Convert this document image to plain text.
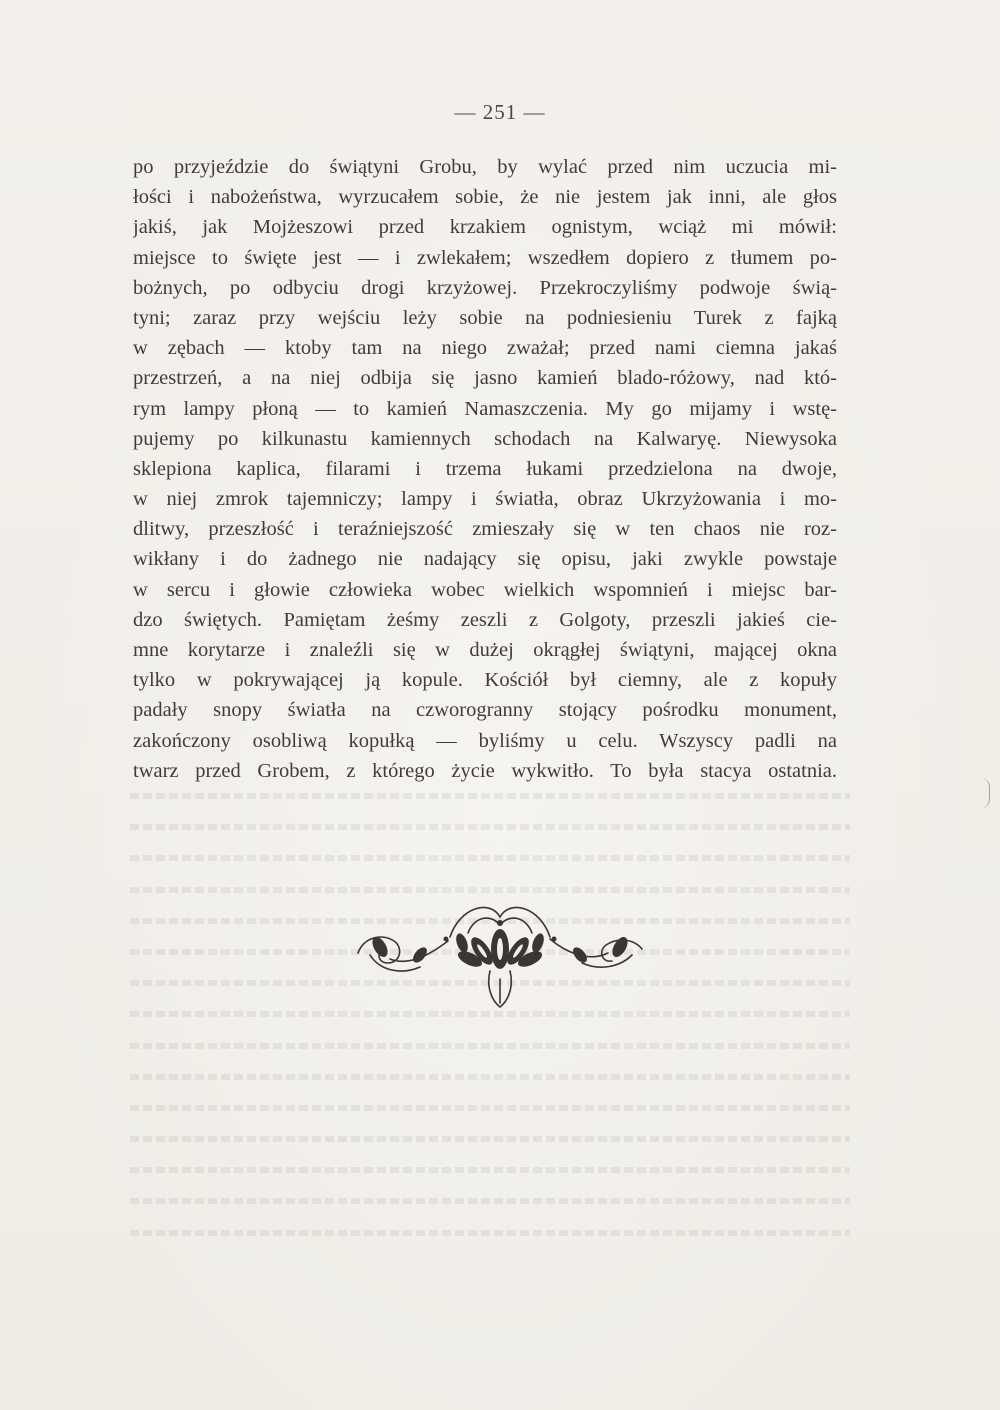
— 251 —
po przyjeździe do świątyni Grobu, by wylać przed nim uczucia mi-
łości i nabożeństwa, wyrzucałem sobie, że nie jestem jak inni, ale głos
jakiś, jak Mojżeszowi przed krzakiem ognistym, wciąż mi mówił:
miejsce to święte jest — i zwlekałem; wszedłem dopiero z tłumem po-
bożnych, po odbyciu drogi krzyżowej. Przekroczyliśmy podwoje świą-
tyni; zaraz przy wejściu leży sobie na podniesieniu Turek z fajką
w zębach — ktoby tam na niego zważał; przed nami ciemna jakaś
przestrzeń, a na niej odbija się jasno kamień blado-różowy, nad któ-
rym lampy płoną — to kamień Namaszczenia. My go mijamy i wstę-
pujemy po kilkunastu kamiennych schodach na Kalwaryę. Niewysoka
sklepiona kaplica, filarami i trzema łukami przedzielona na dwoje,
w niej zmrok tajemniczy; lampy i światła, obraz Ukrzyżowania i mo-
dlitwy, przeszłość i teraźniejszość zmieszały się w ten chaos nie roz-
wikłany i do żadnego nie nadający się opisu, jaki zwykle powstaje
w sercu i głowie człowieka wobec wielkich wspomnień i miejsc bar-
dzo świętych. Pamiętam żeśmy zeszli z Golgoty, przeszli jakieś cie-
mne korytarze i znaleźli się w dużej okrągłej świątyni, mającej okna
tylko w pokrywającej ją kopule. Kościół był ciemny, ale z kopuły
padały snopy światła na czworogranny stojący pośrodku monument,
zakończony osobliwą kopułką — byliśmy u celu. Wszyscy padli na
twarz przed Grobem, z którego życie wykwitło. To była stacya ostatnia.
